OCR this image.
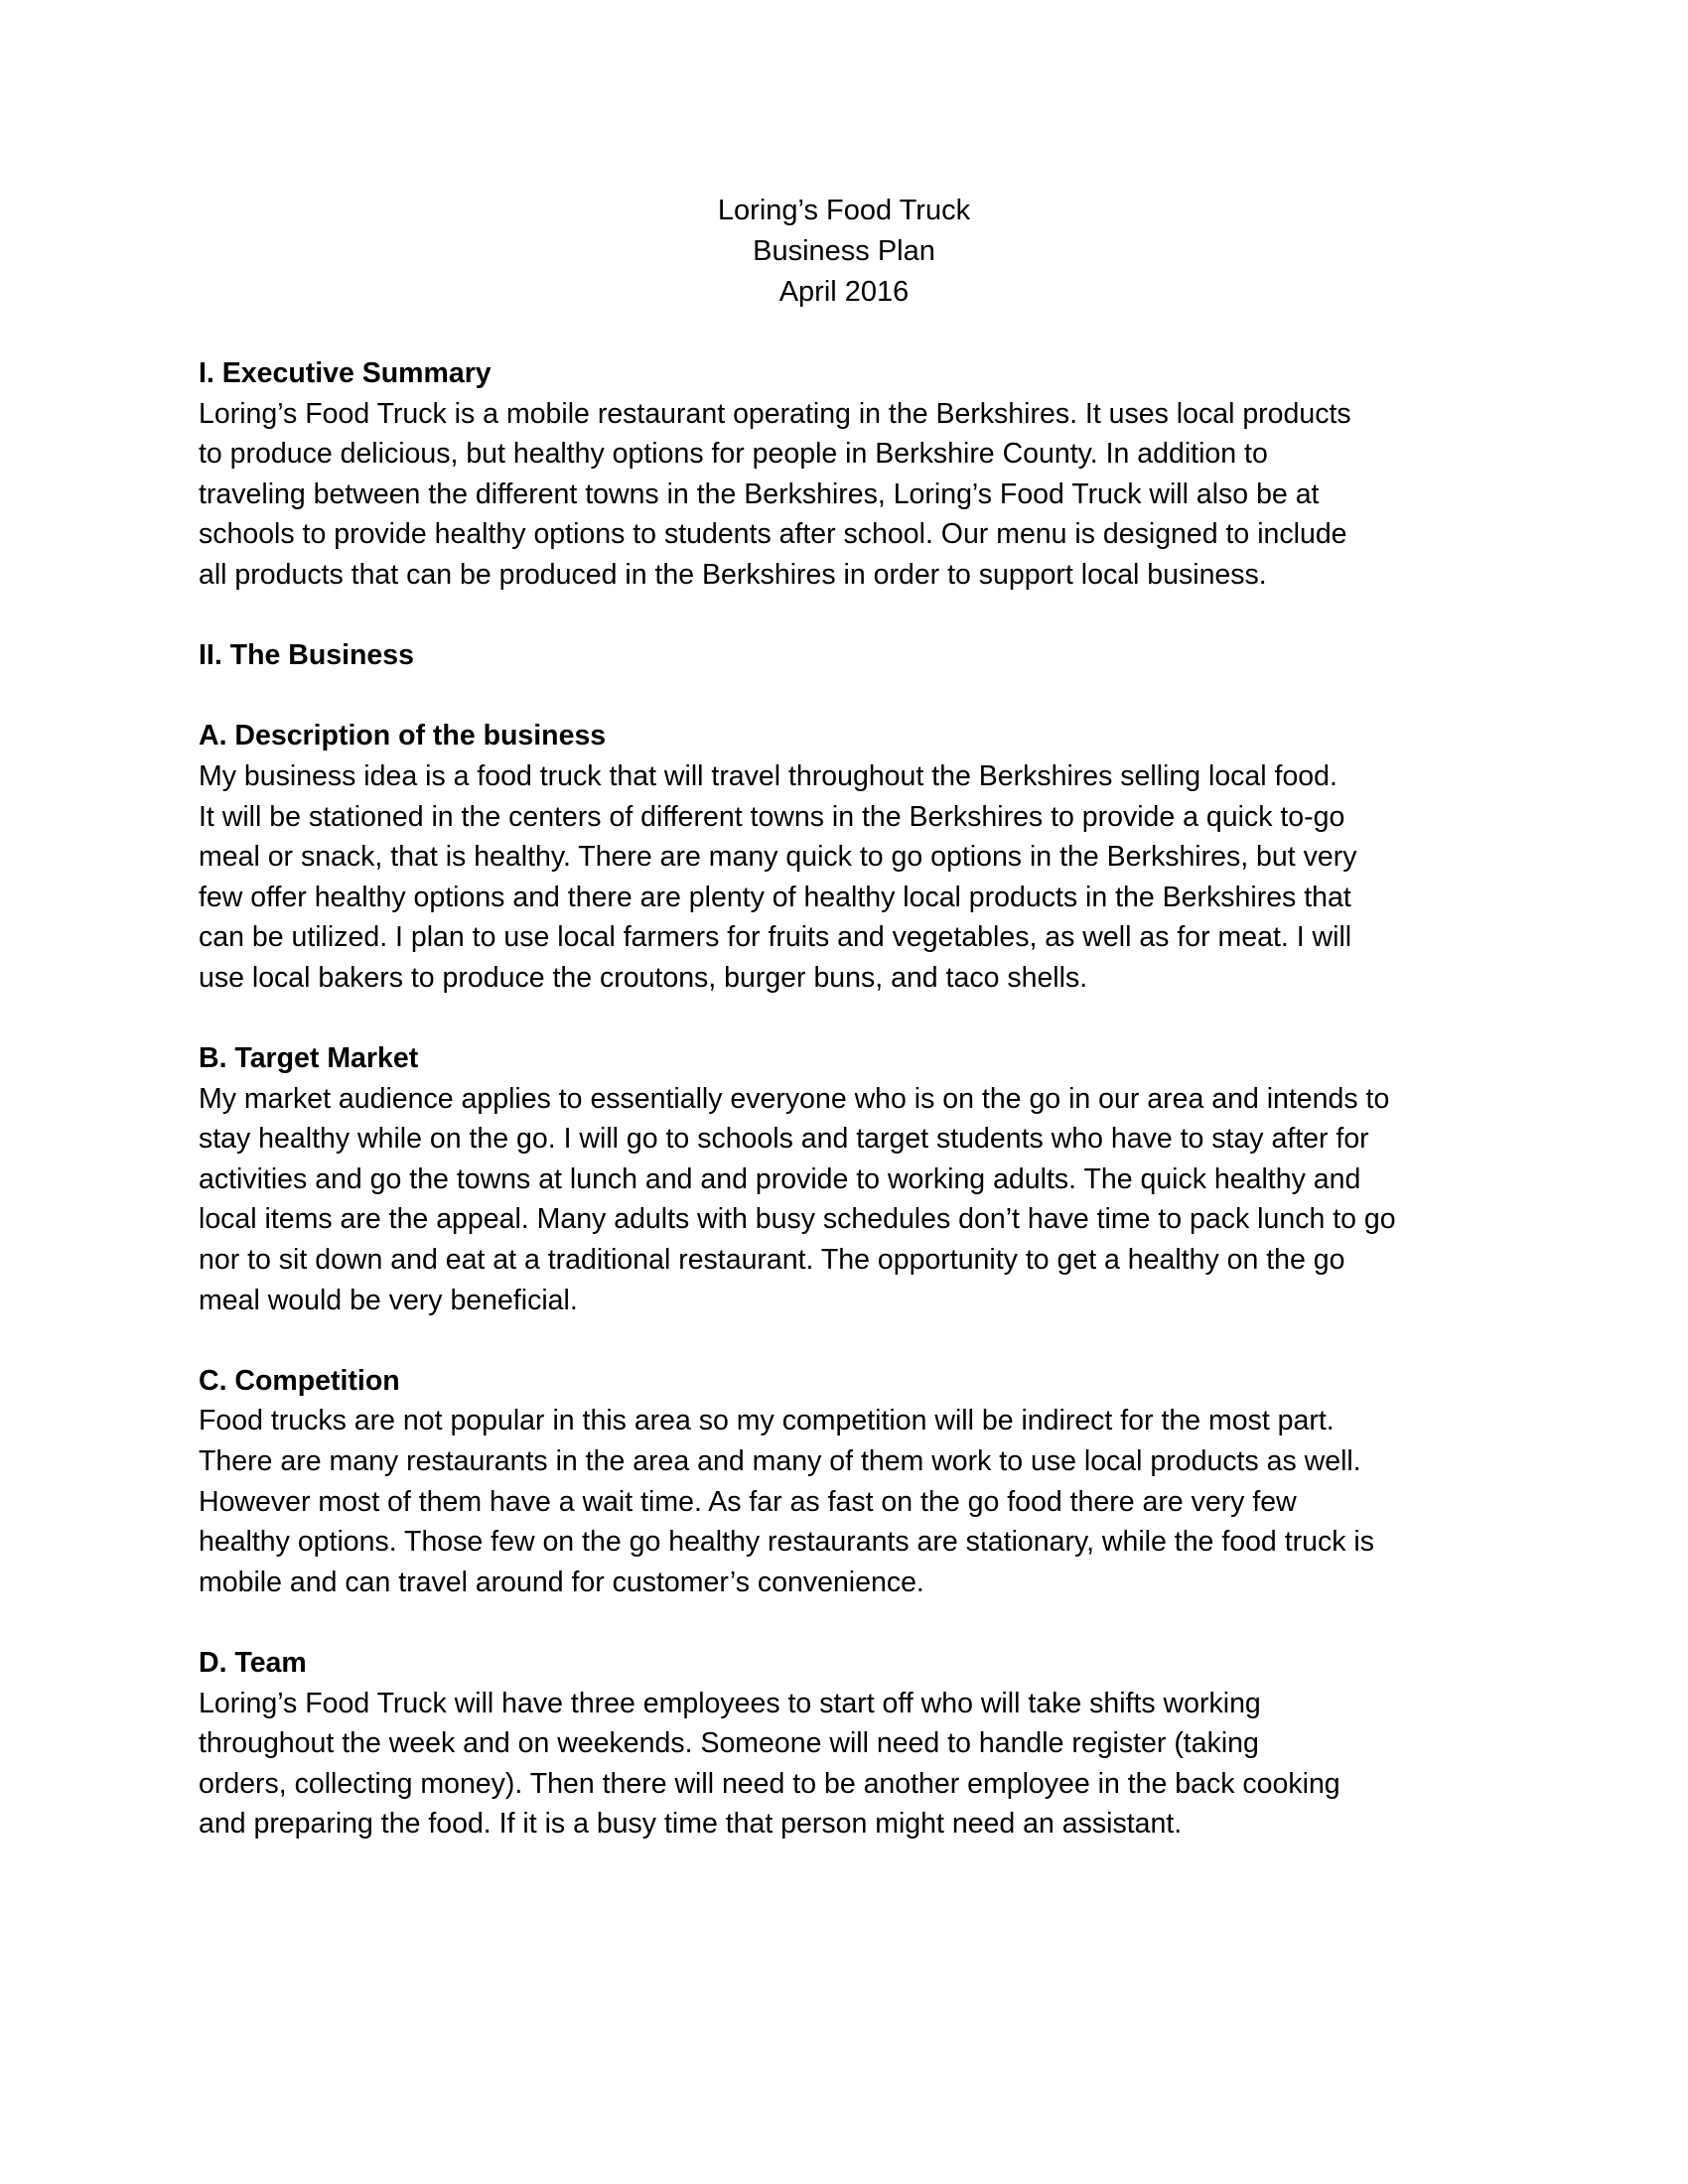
Loring’s Food Truck
Business Plan
April 2016
I. Executive Summary
Loring’s Food Truck is a mobile restaurant operating in the Berkshires. It uses local products
to produce delicious, but healthy options for people in Berkshire County. In addition to
traveling between the different towns in the Berkshires, Loring’s Food Truck will also be at
schools to provide healthy options to students after school. Our menu is designed to include
all products that can be produced in the Berkshires in order to support local business.
II. The Business
A. Description of the business
My business idea is a food truck that will travel throughout the Berkshires selling local food.
It will be stationed in the centers of different towns in the Berkshires to provide a quick to-go
meal or snack, that is healthy. There are many quick to go options in the Berkshires, but very
few offer healthy options and there are plenty of healthy local products in the Berkshires that
can be utilized. I plan to use local farmers for fruits and vegetables, as well as for meat. I will
use local bakers to produce the croutons, burger buns, and taco shells.
B. Target Market
My market audience applies to essentially everyone who is on the go in our area and intends to
stay healthy while on the go. I will go to schools and target students who have to stay after for
activities and go the towns at lunch and and provide to working adults. The quick healthy and
local items are the appeal. Many adults with busy schedules don’t have time to pack lunch to go
nor to sit down and eat at a traditional restaurant. The opportunity to get a healthy on the go
meal would be very beneficial.
C. Competition
Food trucks are not popular in this area so my competition will be indirect for the most part.
There are many restaurants in the area and many of them work to use local products as well.
However most of them have a wait time. As far as fast on the go food there are very few
healthy options. Those few on the go healthy restaurants are stationary, while the food truck is
mobile and can travel around for customer’s convenience.
D. Team
Loring’s Food Truck will have three employees to start off who will take shifts working
throughout the week and on weekends. Someone will need to handle register (taking
orders, collecting money). Then there will need to be another employee in the back cooking
and preparing the food. If it is a busy time that person might need an assistant.
